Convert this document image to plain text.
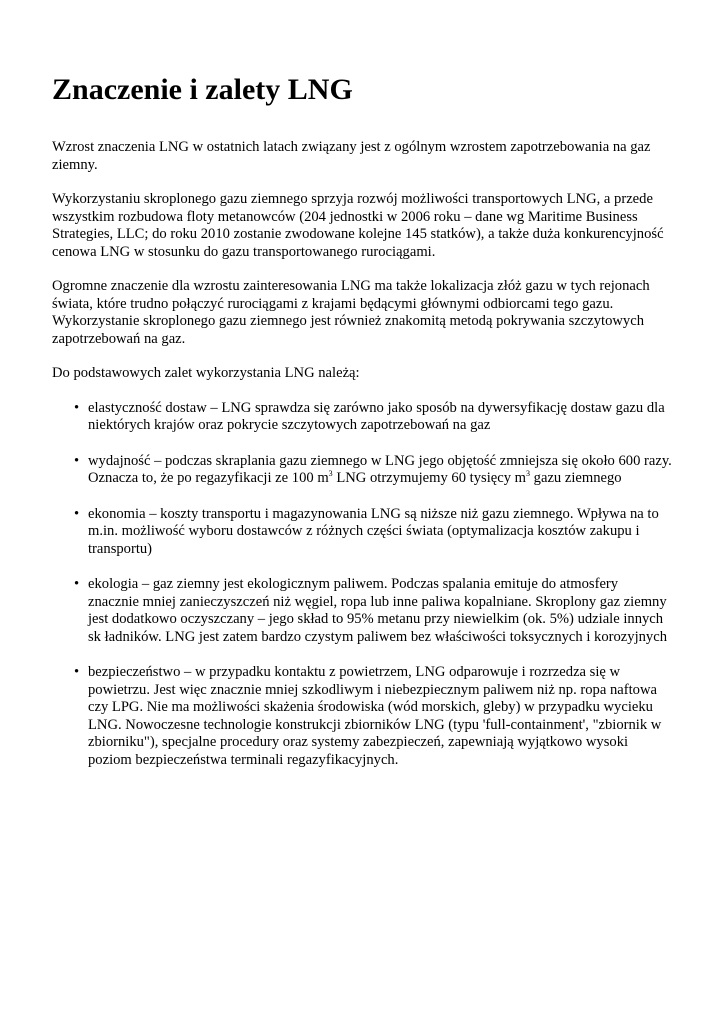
Znaczenie i zalety LNG

Wzrost znaczenia LNG w ostatnich latach związany jest z ogólnym wzrostem zapotrzebowania na gaz ziemny.

Wykorzystaniu skroplonego gazu ziemnego sprzyja rozwój możliwości transportowych LNG, a przede wszystkim rozbudowa floty metanowców (204 jednostki w 2006 roku – dane wg Maritime Business Strategies, LLC; do roku 2010 zostanie zwodowane kolejne 145 statków), a także duża konkurencyjność cenowa LNG w stosunku do gazu transportowanego rurociągami.

Ogromne znaczenie dla wzrostu zainteresowania LNG ma także lokalizacja złóż gazu w tych rejonach świata, które trudno połączyć rurociągami z krajami będącymi głównymi odbiorcami tego gazu. Wykorzystanie skroplonego gazu ziemnego jest również znakomitą metodą pokrywania szczytowych zapotrzebowań na gaz.

Do podstawowych zalet wykorzystania LNG należą:

• elastyczność dostaw – LNG sprawdza się zarówno jako sposób na dywersyfikację dostaw gazu dla niektórych krajów oraz pokrycie szczytowych zapotrzebowań na gaz
• wydajność – podczas skraplania gazu ziemnego w LNG jego objętość zmniejsza się około 600 razy. Oznacza to, że po regazyfikacji ze 100 $m^3$ LNG otrzymujemy 60 tysięcy $m^3$ gazu ziemnego
• ekonomia – koszty transportu i magazynowania LNG są niższe niż gazu ziemnego. Wpływa na to m.in. możliwość wyboru dostawców z różnych części świata (optymalizacja kosztów zakupu i transportu)
• ekologia – gaz ziemny jest ekologicznym paliwem. Podczas spalania emituje do atmosfery znacznie mniej zanieczyszczeń niż węgiel, ropa lub inne paliwa kopalniane. Skroplony gaz ziemny jest dodatkowo oczyszczany – jego skład to 95% metanu przy niewielkim (ok. 5%) udziale innych sk ładników. LNG jest zatem bardzo czystym paliwem bez właściwości toksycznych i korozyjnych
• bezpieczeństwo – w przypadku kontaktu z powietrzem, LNG odparowuje i rozrzedza się w powietrzu. Jest więc znacznie mniej szkodliwym i niebezpiecznym paliwem niż np. ropa naftowa czy LPG. Nie ma możliwości skażenia środowiska (wód morskich, gleby) w przypadku wycieku LNG. Nowoczesne technologie konstrukcji zbiorników LNG (typu 'full-containment', "zbiornik w zbiorniku"), specjalne procedury oraz systemy zabezpieczeń, zapewniają wyjątkowo wysoki poziom bezpieczeństwa terminali regazyfikacyjnych.
